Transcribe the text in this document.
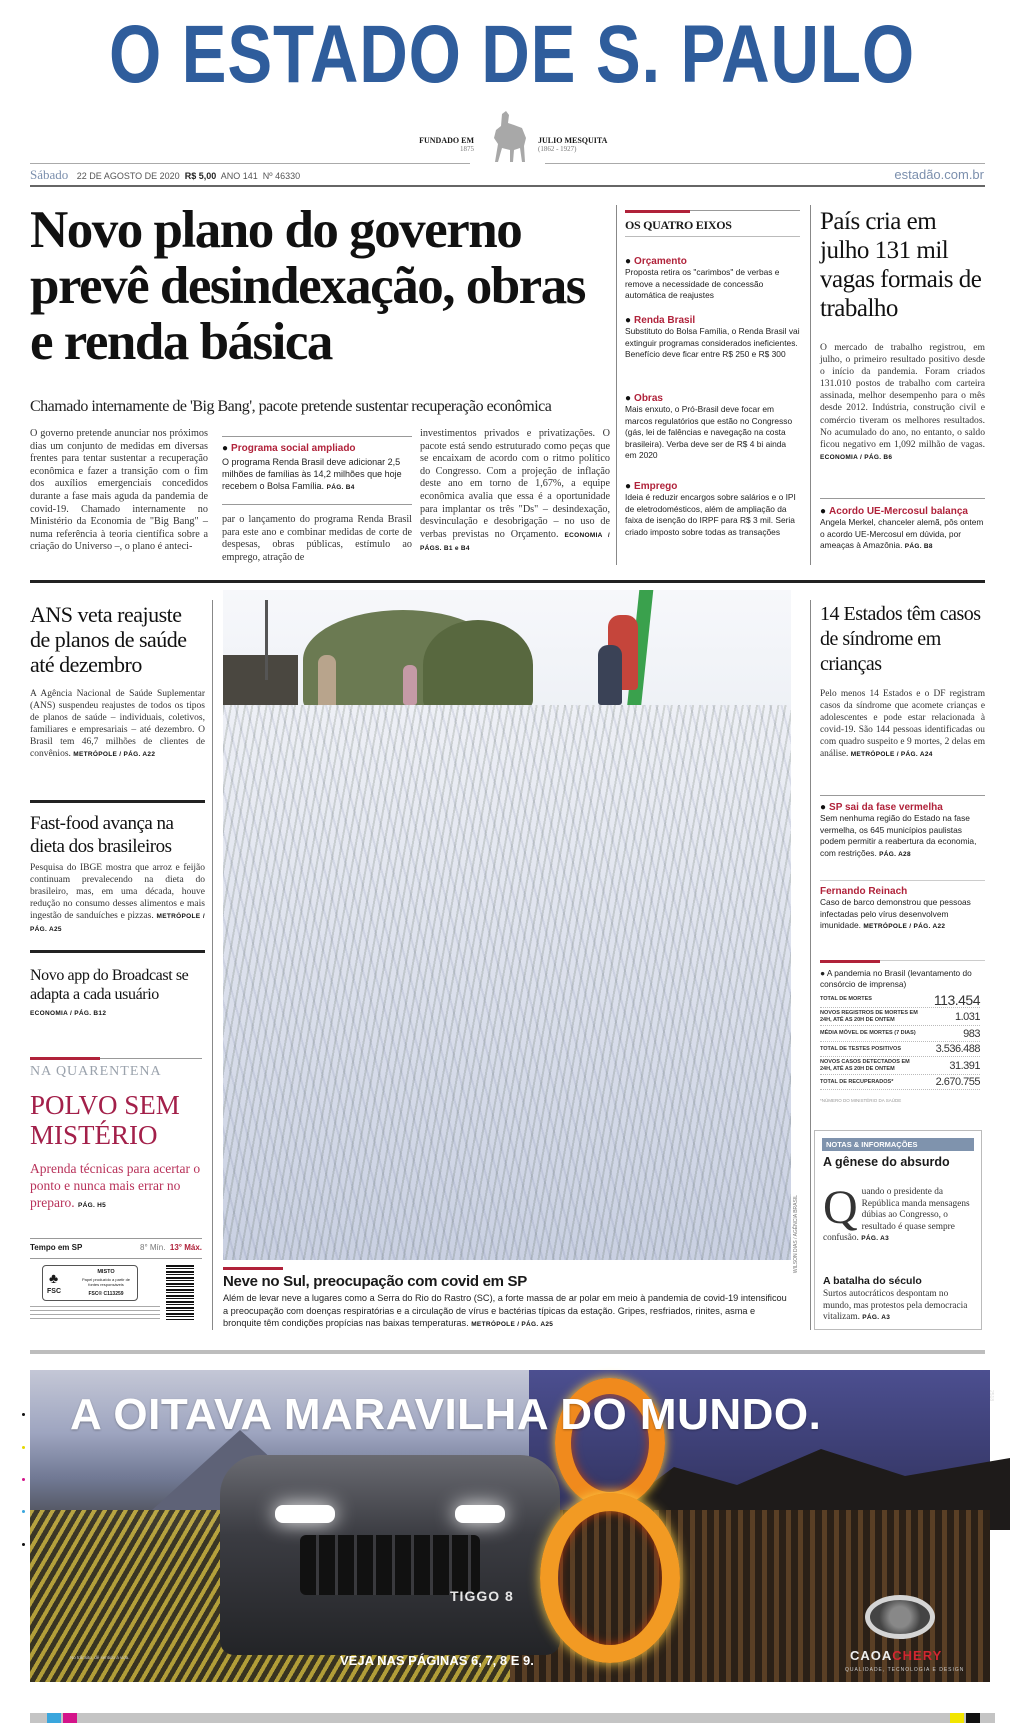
O ESTADO DE S. PAULO
FUNDADO EM
1875
JULIO MESQUITA
(1862 - 1927)
Sábado 22 DE AGOSTO DE 2020 R$ 5,00 ANO 141 Nº 46330	estadão.com.br
Novo plano do governo prevê desindexação, obras e renda básica
Chamado internamente de 'Big Bang', pacote pretende sustentar recuperação econômica
O governo pretende anunciar nos próximos dias um conjunto de medidas em diversas frentes para tentar sustentar a recuperação econômica e fazer a transição com o fim dos auxílios emergenciais concedidos durante a fase mais aguda da pandemia de covid-19. Chamado internamente no Ministério da Economia de "Big Bang" – numa referência à teoria científica sobre a criação do Universo –, o plano é anteci-
● Programa social ampliado
O programa Renda Brasil deve adicionar 2,5 milhões de famílias às 14,2 milhões que hoje recebem o Bolsa Família. PÁG. B4
par o lançamento do programa Renda Brasil para este ano e combinar medidas de corte de despesas, obras públicas, estímulo ao emprego, atração de
investimentos privados e privatizações. O pacote está sendo estruturado como peças que se encaixam de acordo com o ritmo político do Congresso. Com a projeção de inflação deste ano em torno de 1,67%, a equipe econômica avalia que essa é a oportunidade para implantar os três "Ds" – desindexação, desvinculação e desobrigação – no uso de verbas previstas no Orçamento. ECONOMIA / PÁGS. B1 e B4
OS QUATRO EIXOS
● Orçamento
Proposta retira os "carimbos" de verbas e remove a necessidade de concessão automática de reajustes
● Renda Brasil
Substituto do Bolsa Família, o Renda Brasil vai extinguir programas considerados ineficientes. Benefício deve ficar entre R$ 250 e R$ 300
● Obras
Mais enxuto, o Pró-Brasil deve focar em marcos regulatórios que estão no Congresso (gás, lei de falências e navegação na costa brasileira). Verba deve ser de R$ 4 bi ainda em 2020
● Emprego
Ideia é reduzir encargos sobre salários e o IPI de eletrodomésticos, além de ampliação da faixa de isenção do IRPF para R$ 3 mil. Seria criado imposto sobre todas as transações
País cria em julho 131 mil vagas formais de trabalho
O mercado de trabalho registrou, em julho, o primeiro resultado positivo desde o início da pandemia. Foram criados 131.010 postos de trabalho com carteira assinada, melhor desempenho para o mês desde 2012. Indústria, construção civil e comércio tiveram os melhores resultados. No acumulado do ano, no entanto, o saldo ficou negativo em 1,092 milhão de vagas. ECONOMIA / PÁG. B6
● Acordo UE-Mercosul balança
Angela Merkel, chanceler alemã, pôs ontem o acordo UE-Mercosul em dúvida, por ameaças à Amazônia. PÁG. B8
ANS veta reajuste de planos de saúde até dezembro
A Agência Nacional de Saúde Suplementar (ANS) suspendeu reajustes de todos os tipos de planos de saúde – individuais, coletivos, familiares e empresariais – até dezembro. O Brasil tem 46,7 milhões de clientes de convênios. METRÓPOLE / PÁG. A22
Fast-food avança na dieta dos brasileiros
Pesquisa do IBGE mostra que arroz e feijão continuam prevalecendo na dieta do brasileiro, mas, em uma década, houve redução no consumo desses alimentos e mais ingestão de sanduíches e pizzas. METRÓPOLE / PÁG. A25
Novo app do Broadcast se adapta a cada usuário
ECONOMIA / PÁG. B12
NA QUARENTENA
POLVO SEM MISTÉRIO
Aprenda técnicas para acertar o ponto e nunca mais errar no preparo. PÁG. H5
Tempo em SP	8° Mín. 13° Máx.
♣
FSC
MISTO
Papel produzido a partir de fontes responsáveis
FSC® C113259
WILSON DIAS / AGÊNCIA BRASIL
Neve no Sul, preocupação com covid em SP
Além de levar neve a lugares como a Serra do Rio do Rastro (SC), a forte massa de ar polar em meio à pandemia de covid-19 intensificou a preocupação com doenças respiratórias e a circulação de vírus e bactérias típicas da estação. Gripes, resfriados, rinites, asma e bronquite têm condições propícias nas baixas temperaturas. METRÓPOLE / PÁG. A25
14 Estados têm casos de síndrome em crianças
Pelo menos 14 Estados e o DF registram casos da síndrome que acomete crianças e adolescentes e pode estar relacionada à covid-19. São 144 pessoas identificadas ou com quadro suspeito e 9 mortes, 2 delas em análise. METRÓPOLE / PÁG. A24
● SP sai da fase vermelha
Sem nenhuma região do Estado na fase vermelha, os 645 municípios paulistas podem permitir a reabertura da economia, com restrições. PÁG. A28
Fernando Reinach
Caso de barco demonstrou que pessoas infectadas pelo vírus desenvolvem imunidade. METRÓPOLE / PÁG. A22
● A pandemia no Brasil (levantamento do consórcio de imprensa)
TOTAL DE MORTES	113.454
NOVOS REGISTROS DE MORTES EM 24H, ATÉ AS 20H DE ONTEM	1.031
MÉDIA MÓVEL DE MORTES (7 DIAS)	983
TOTAL DE TESTES POSITIVOS	3.536.488
NOVOS CASOS DETECTADOS EM 24H, ATÉ AS 20H DE ONTEM	31.391
TOTAL DE RECUPERADOS*	2.670.755
*NÚMERO DO MINISTÉRIO DA SAÚDE
NOTAS & INFORMAÇÕES
A gênese do absurdo
Quando o presidente da República manda mensagens dúbias ao Congresso, o resultado é quase sempre confusão. PÁG. A3
A batalha do século
Surtos autocráticos despontam no mundo, mas protestos pela democracia vitalizam. PÁG. A3
A OITAVA MARAVILHA DO MUNDO.
TIGGO 8
VEJA NAS PÁGINAS 6, 7, 8 E 9.	CAOACHERY
QUALIDADE, TECNOLOGIA E DESIGN
No trânsito, dê sentido à vida.
2518
